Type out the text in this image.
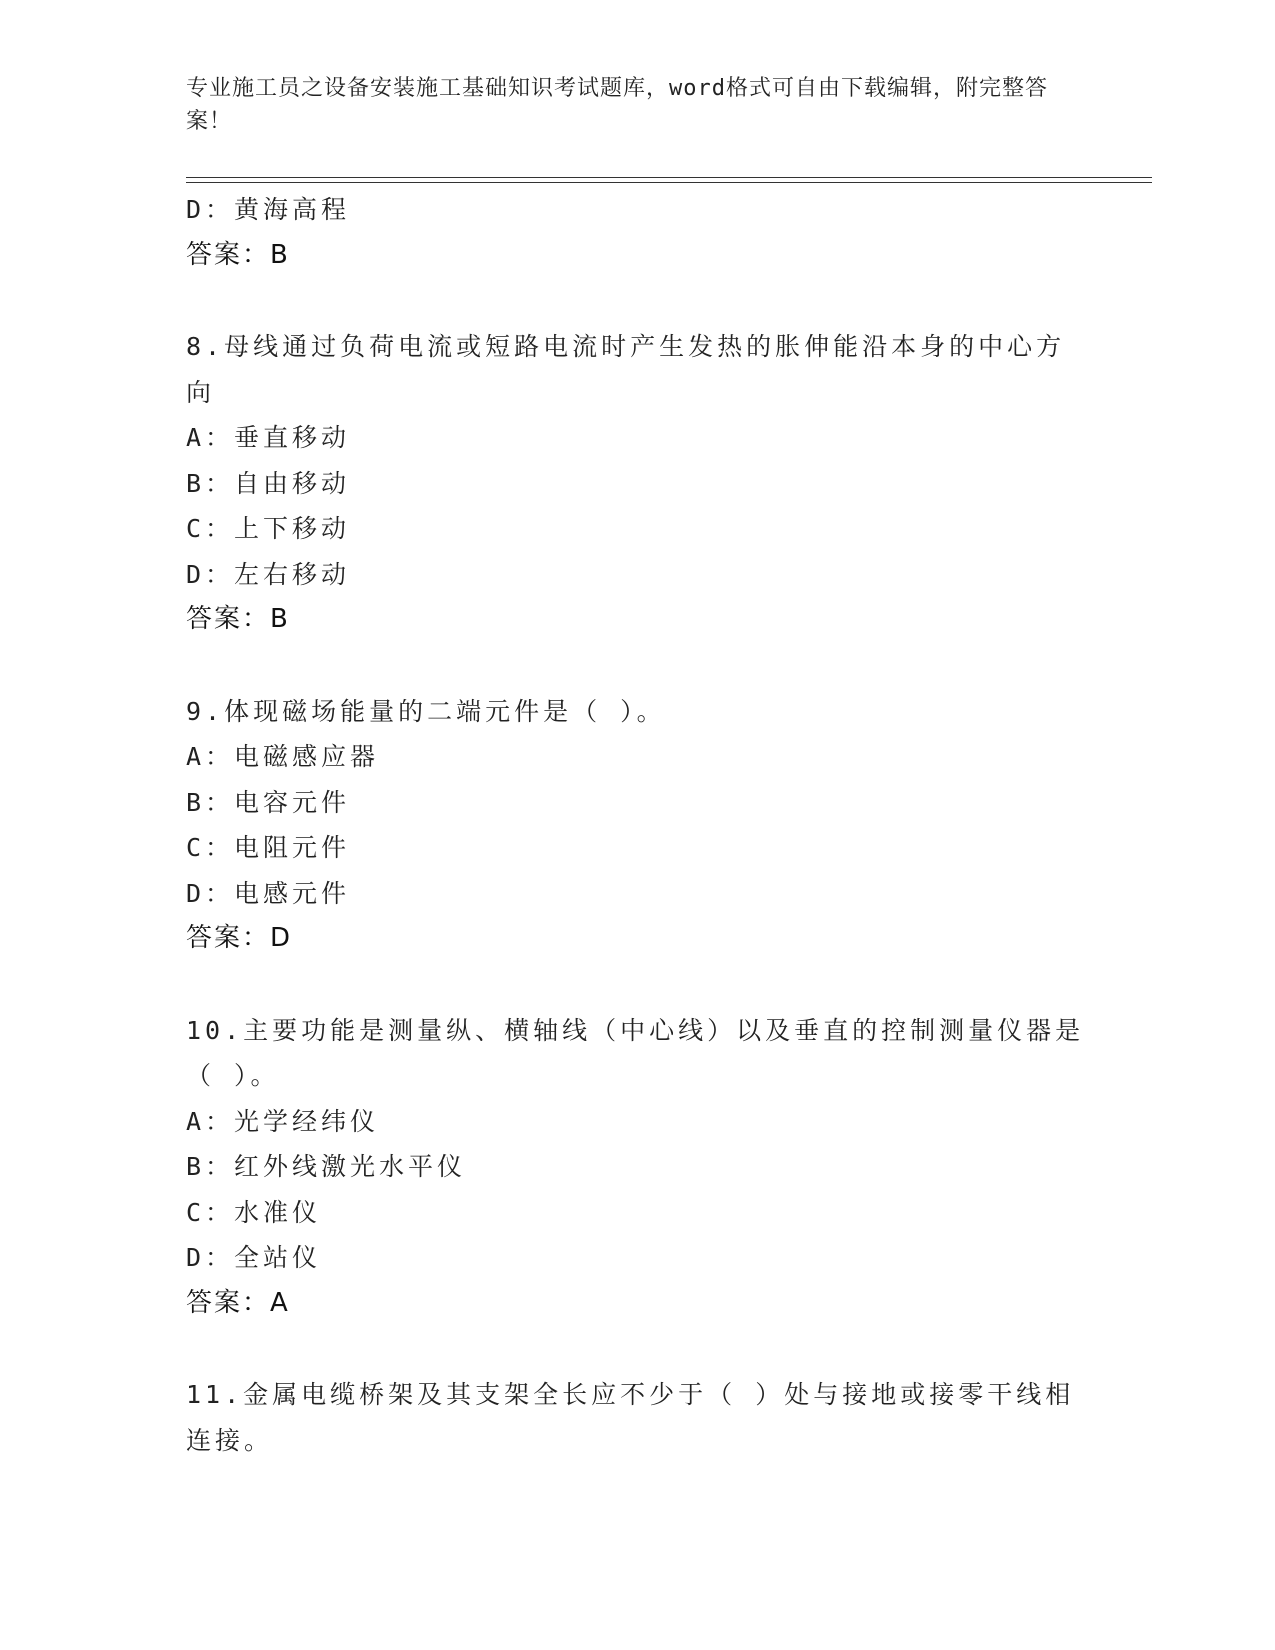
专业施工员之设备安装施工基础知识考试题库，word格式可自由下载编辑，附完整答案！
D：黄海高程
答案：B
8.母线通过负荷电流或短路电流时产生发热的胀伸能沿本身的中心方向
A：垂直移动
B：自由移动
C：上下移动
D：左右移动
答案：B
9.体现磁场能量的二端元件是（ ）。
A：电磁感应器
B：电容元件
C：电阻元件
D：电感元件
答案：D
10.主要功能是测量纵、横轴线（中心线）以及垂直的控制测量仪器是（ ）。
A：光学经纬仪
B：红外线激光水平仪
C：水准仪
D：全站仪
答案：A
11.金属电缆桥架及其支架全长应不少于（ ）处与接地或接零干线相连接。
